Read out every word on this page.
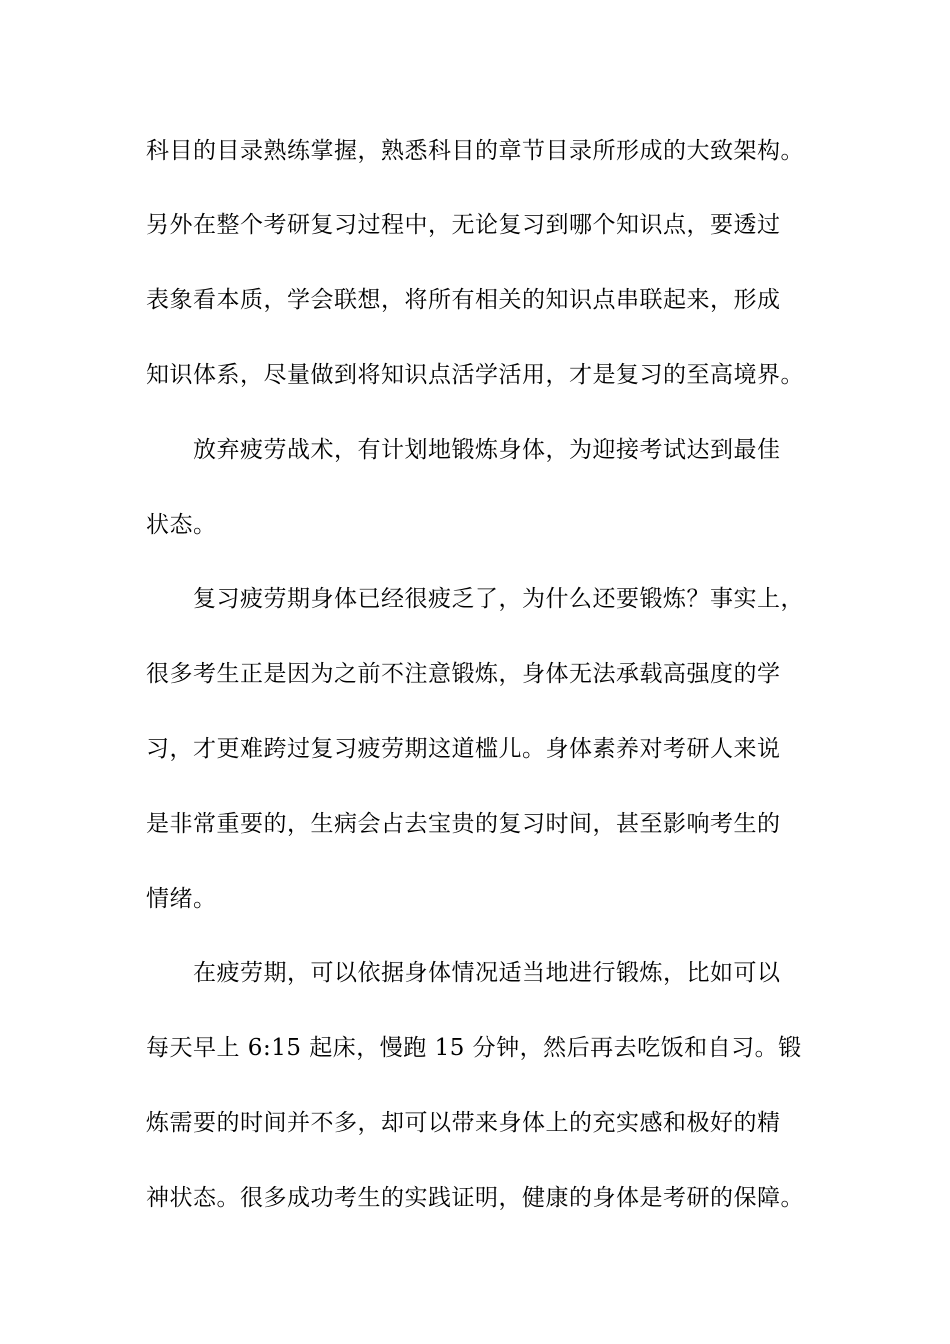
科目的目录熟练掌握，熟悉科目的章节目录所形成的大致架构。
另外在整个考研复习过程中，无论复习到哪个知识点，要透过
表象看本质，学会联想，将所有相关的知识点串联起来，形成
知识体系，尽量做到将知识点活学活用，才是复习的至高境界。
放弃疲劳战术，有计划地锻炼身体，为迎接考试达到最佳
状态。
复习疲劳期身体已经很疲乏了，为什么还要锻炼？事实上，
很多考生正是因为之前不注意锻炼，身体无法承载高强度的学
习，才更难跨过复习疲劳期这道槛儿。身体素养对考研人来说
是非常重要的，生病会占去宝贵的复习时间，甚至影响考生的
情绪。
在疲劳期，可以依据身体情况适当地进行锻炼，比如可以
每天早上 6:15 起床，慢跑 15 分钟，然后再去吃饭和自习。锻
炼需要的时间并不多，却可以带来身体上的充实感和极好的精
神状态。很多成功考生的实践证明，健康的身体是考研的保障。
